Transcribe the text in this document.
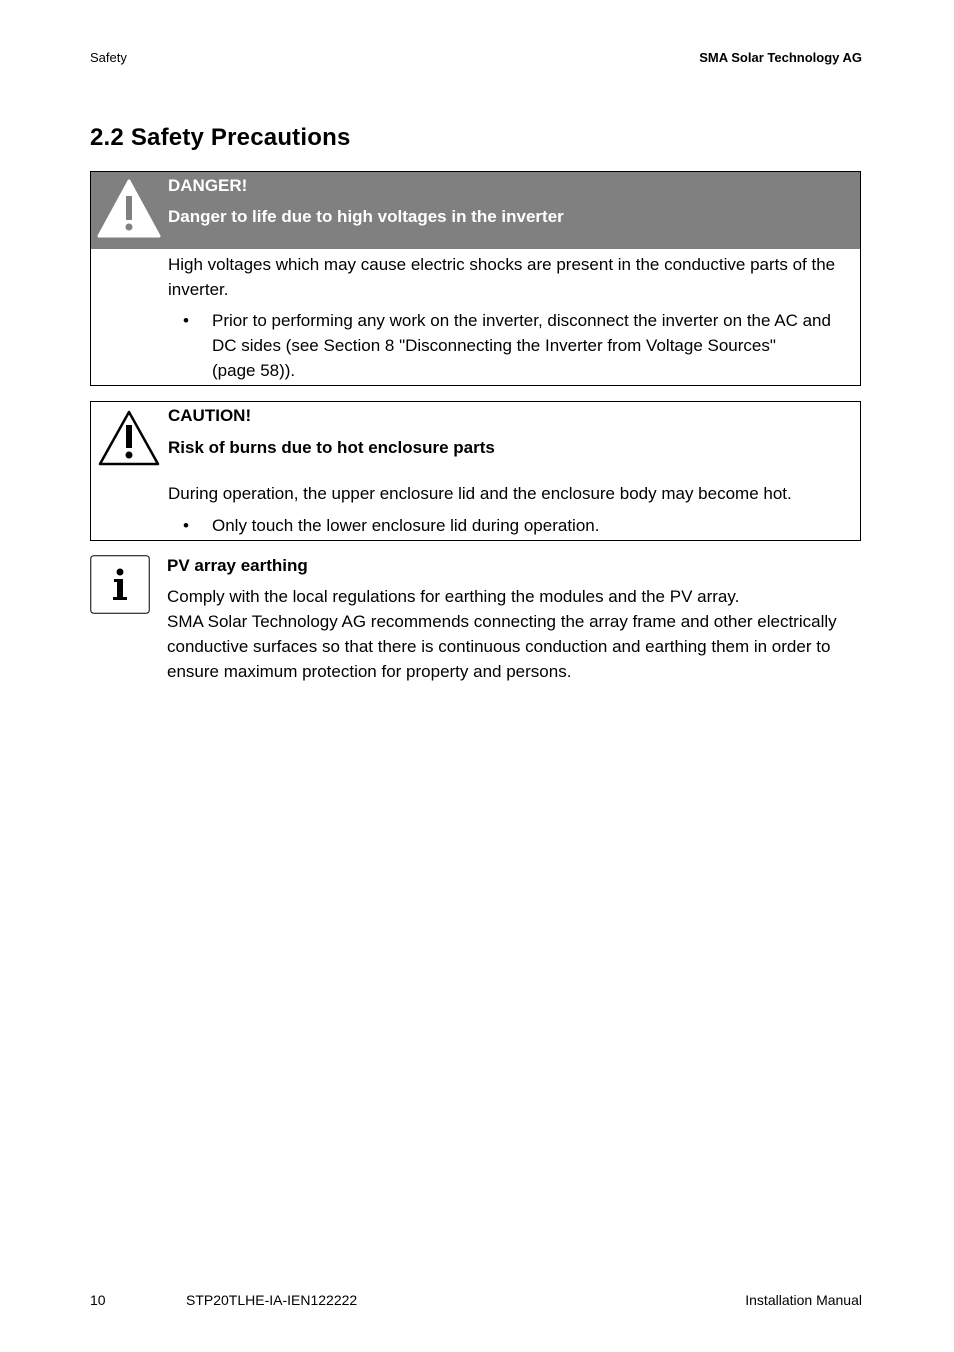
Safety	SMA Solar Technology AG
2.2 Safety Precautions
DANGER!
Danger to life due to high voltages in the inverter
High voltages which may cause electric shocks are present in the conductive parts of the
inverter.
• Prior to performing any work on the inverter, disconnect the inverter on the AC and
DC sides (see Section 8 "Disconnecting the Inverter from Voltage Sources"
(page 58)).
CAUTION!
Risk of burns due to hot enclosure parts
During operation, the upper enclosure lid and the enclosure body may become hot.
• Only touch the lower enclosure lid during operation.
PV array earthing
Comply with the local regulations for earthing the modules and the PV array.
SMA Solar Technology AG recommends connecting the array frame and other electrically
conductive surfaces so that there is continuous conduction and earthing them in order to
ensure maximum protection for property and persons.
10	STP20TLHE-IA-IEN122222	Installation Manual
